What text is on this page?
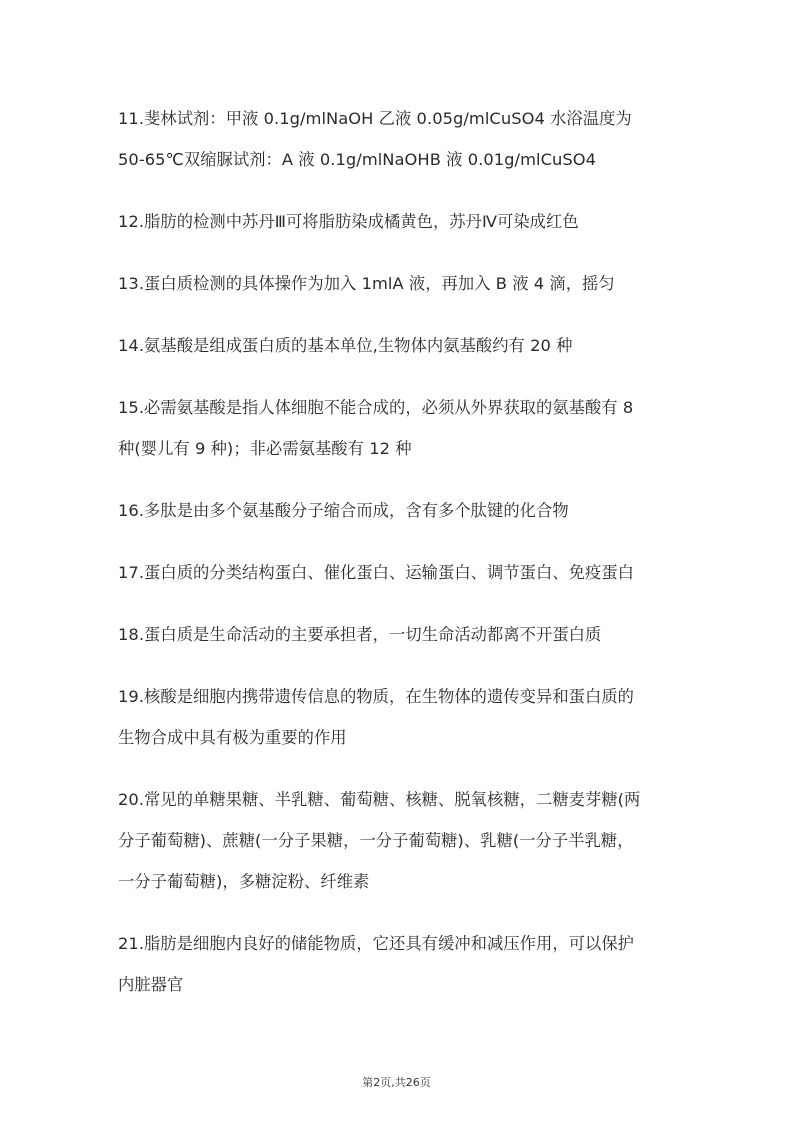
11.斐林试剂：甲液 0.1g/mlNaOH 乙液 0.05g/mlCuSO4 水浴温度为
50-65℃双缩脲试剂：A 液 0.1g/mlNaOHB 液 0.01g/mlCuSO4

12.脂肪的检测中苏丹Ⅲ可将脂肪染成橘黄色，苏丹Ⅳ可染成红色

13.蛋白质检测的具体操作为加入 1mlA 液，再加入 B 液 4 滴，摇匀

14.氨基酸是组成蛋白质的基本单位,生物体内氨基酸约有 20 种

15.必需氨基酸是指人体细胞不能合成的，必须从外界获取的氨基酸有 8
种(婴儿有 9 种)；非必需氨基酸有 12 种

16.多肽是由多个氨基酸分子缩合而成，含有多个肽键的化合物

17.蛋白质的分类结构蛋白、催化蛋白、运输蛋白、调节蛋白、免疫蛋白

18.蛋白质是生命活动的主要承担者，一切生命活动都离不开蛋白质

19.核酸是细胞内携带遗传信息的物质，在生物体的遗传变异和蛋白质的
生物合成中具有极为重要的作用

20.常见的单糖果糖、半乳糖、葡萄糖、核糖、脱氧核糖，二糖麦芽糖(两
分子葡萄糖)、蔗糖(一分子果糖，一分子葡萄糖)、乳糖(一分子半乳糖，
一分子葡萄糖)，多糖淀粉、纤维素

21.脂肪是细胞内良好的储能物质，它还具有缓冲和减压作用，可以保护
内脏器官

第2页,共26页
